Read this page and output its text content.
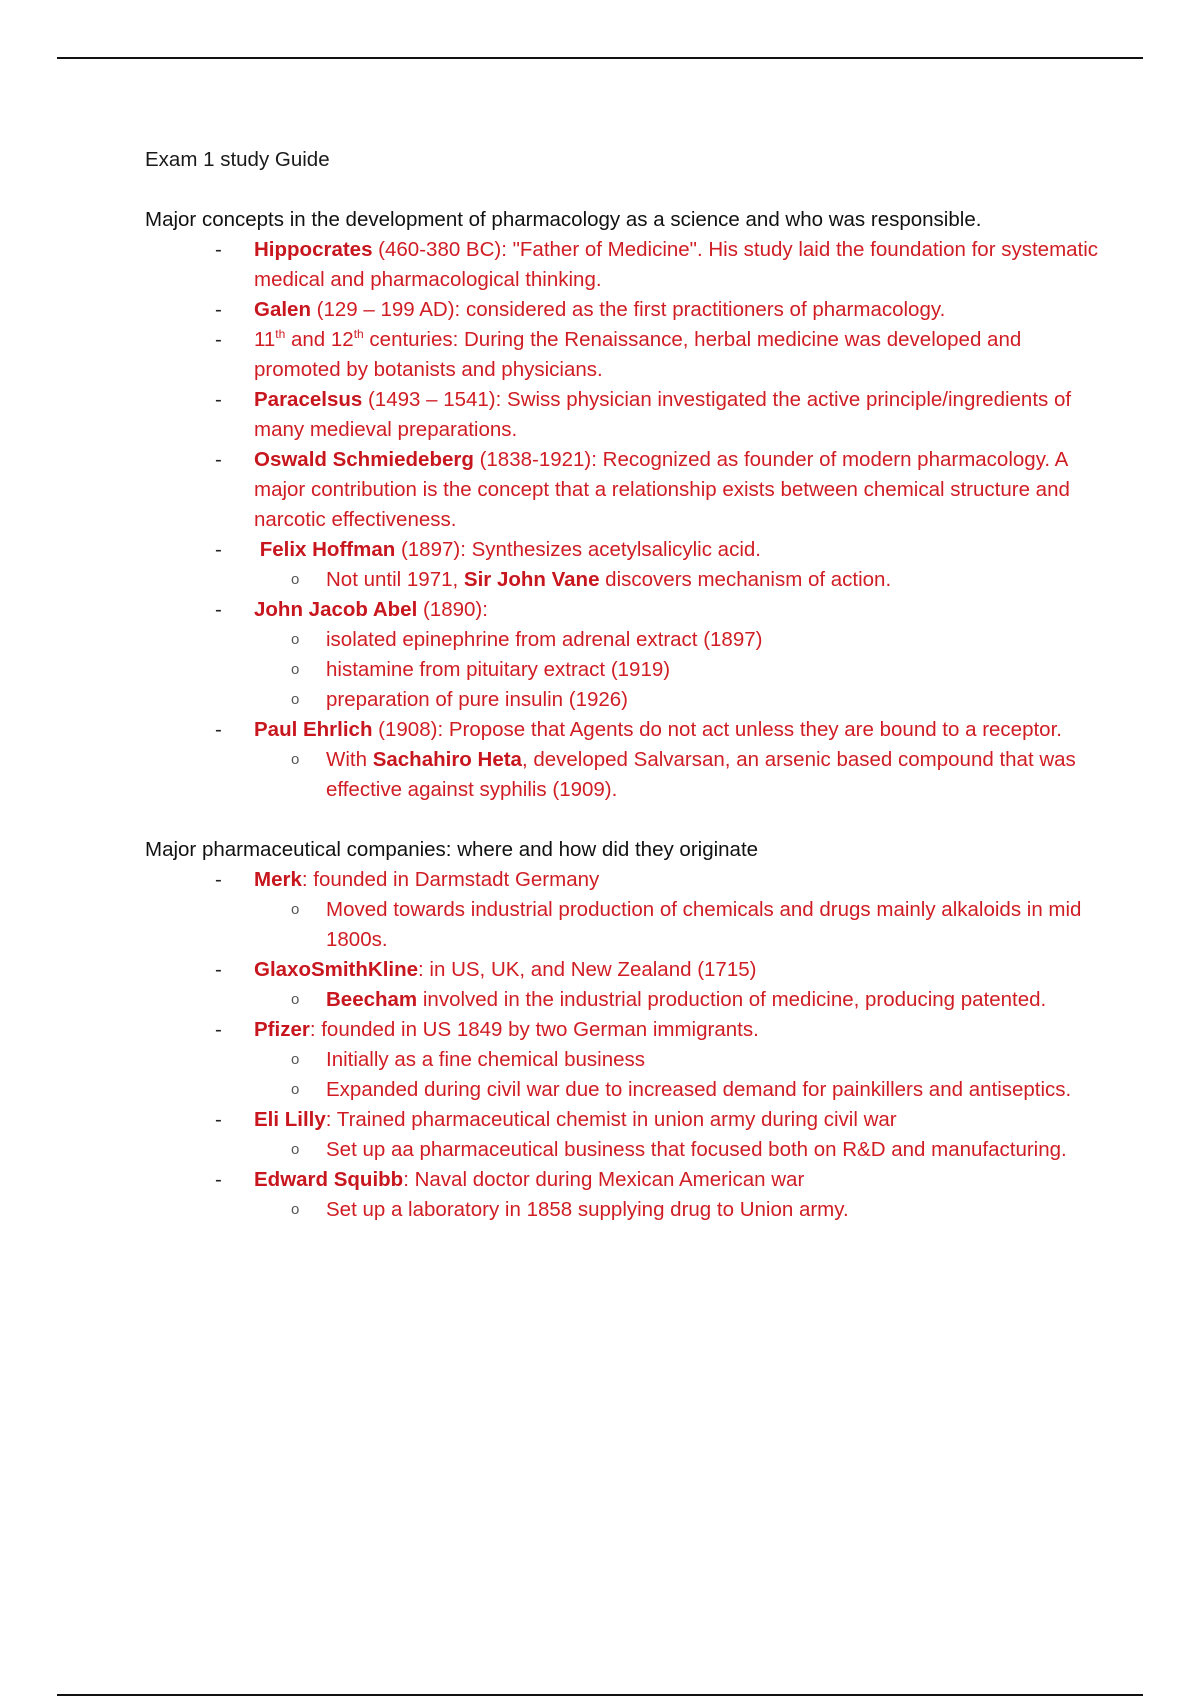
Exam 1 study Guide

Major concepts in the development of pharmacology as a science and who was responsible.

- Hippocrates (460-380 BC): "Father of Medicine". His study laid the foundation for systematic medical and pharmacological thinking.
- Galen (129 – 199 AD): considered as the first practitioners of pharmacology.
- 11th and 12th centuries: During the Renaissance, herbal medicine was developed and promoted by botanists and physicians.
- Paracelsus (1493 – 1541): Swiss physician investigated the active principle/ingredients of many medieval preparations.
- Oswald Schmiedeberg (1838-1921): Recognized as founder of modern pharmacology. A major contribution is the concept that a relationship exists between chemical structure and narcotic effectiveness.
- Felix Hoffman (1897): Synthesizes acetylsalicylic acid.
o Not until 1971, Sir John Vane discovers mechanism of action.
- John Jacob Abel (1890):
o isolated epinephrine from adrenal extract (1897)
o histamine from pituitary extract (1919)
o preparation of pure insulin (1926)
- Paul Ehrlich (1908): Propose that Agents do not act unless they are bound to a receptor.
o With Sachahiro Heta, developed Salvarsan, an arsenic based compound that was effective against syphilis (1909).

Major pharmaceutical companies: where and how did they originate

- Merk: founded in Darmstadt Germany
o Moved towards industrial production of chemicals and drugs mainly alkaloids in mid 1800s.
- GlaxoSmithKline: in US, UK, and New Zealand (1715)
o Beecham involved in the industrial production of medicine, producing patented.
- Pfizer: founded in US 1849 by two German immigrants.
o Initially as a fine chemical business
o Expanded during civil war due to increased demand for painkillers and antiseptics.
- Eli Lilly: Trained pharmaceutical chemist in union army during civil war
o Set up aa pharmaceutical business that focused both on R&D and manufacturing.
- Edward Squibb: Naval doctor during Mexican American war
o Set up a laboratory in 1858 supplying drug to Union army.
